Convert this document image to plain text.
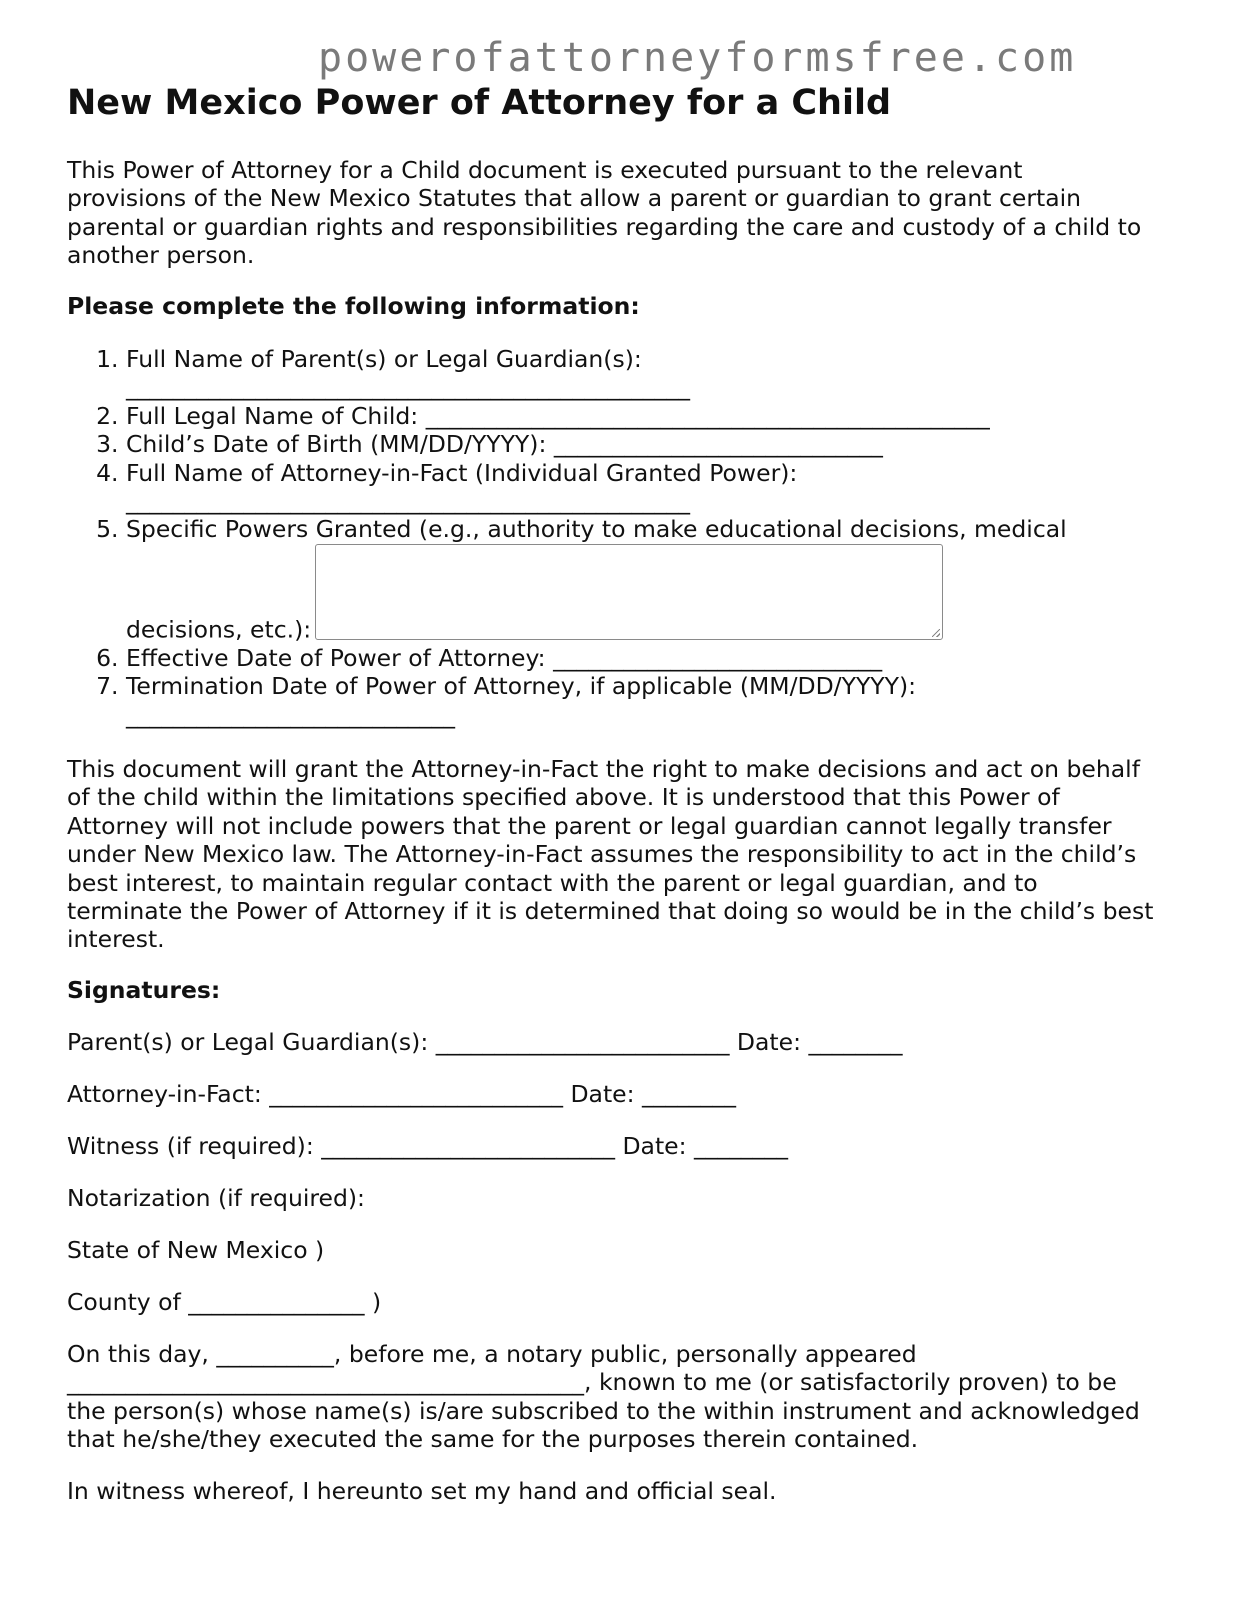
powerofattorneyformsfree.com
New Mexico Power of Attorney for a Child

This Power of Attorney for a Child document is executed pursuant to the relevant provisions of the New Mexico Statutes that allow a parent or guardian to grant certain parental or guardian rights and responsibilities regarding the care and custody of a child to another person.

Please complete the following information:

1. Full Name of Parent(s) or Legal Guardian(s):
________________________________________________
2. Full Legal Name of Child: ________________________________________________
3. Child’s Date of Birth (MM/DD/YYYY): ____________________________
4. Full Name of Attorney-in-Fact (Individual Granted Power):
________________________________________________
5. Specific Powers Granted (e.g., authority to make educational decisions, medical decisions, etc.):
6. Effective Date of Power of Attorney: ____________________________
7. Termination Date of Power of Attorney, if applicable (MM/DD/YYYY):
____________________________

This document will grant the Attorney-in-Fact the right to make decisions and act on behalf of the child within the limitations specified above. It is understood that this Power of Attorney will not include powers that the parent or legal guardian cannot legally transfer under New Mexico law. The Attorney-in-Fact assumes the responsibility to act in the child’s best interest, to maintain regular contact with the parent or legal guardian, and to terminate the Power of Attorney if it is determined that doing so would be in the child’s best interest.

Signatures:

Parent(s) or Legal Guardian(s): _________________________ Date: ________

Attorney-in-Fact: _________________________ Date: ________

Witness (if required): _________________________ Date: ________

Notarization (if required):

State of New Mexico )

County of _______________ )

On this day, __________, before me, a notary public, personally appeared ____________________________________________, known to me (or satisfactorily proven) to be the person(s) whose name(s) is/are subscribed to the within instrument and acknowledged that he/she/they executed the same for the purposes therein contained.

In witness whereof, I hereunto set my hand and official seal.
